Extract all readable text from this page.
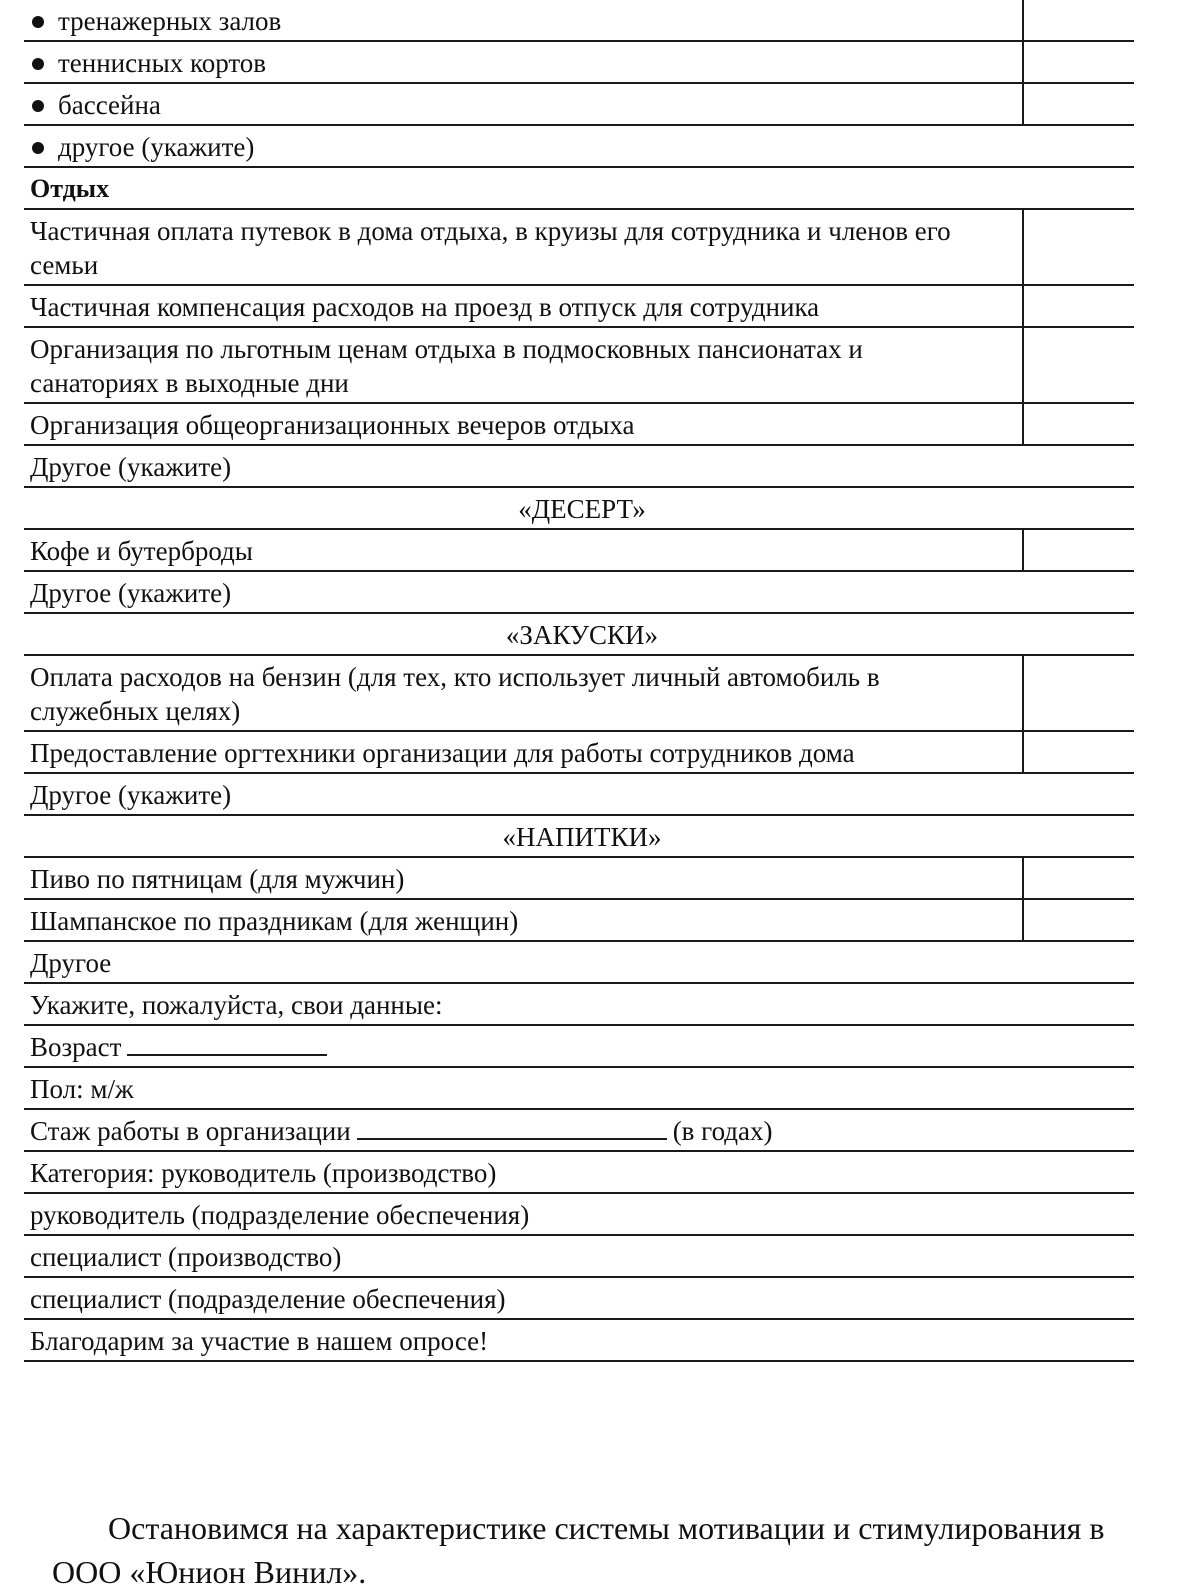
тренажерных залов
теннисных кортов
бассейна
другое (укажите)
Отдых
Частичная оплата путевок в дома отдыха, в круизы для сотрудника и членов его семьи
Частичная компенсация расходов на проезд в отпуск для сотрудника
Организация по льготным ценам отдыха в подмосковных пансионатах и санаториях в выходные дни
Организация общеорганизационных вечеров отдыха
Другое (укажите)
«ДЕСЕРТ»
Кофе и бутерброды
Другое (укажите)
«ЗАКУСКИ»
Оплата расходов на бензин (для тех, кто использует личный автомобиль в служебных целях)
Предоставление оргтехники организации для работы сотрудников дома
Другое (укажите)
«НАПИТКИ»
Пиво по пятницам (для мужчин)
Шампанское по праздникам (для женщин)
Другое
Укажите, пожалуйста, свои данные:
Возраст
Пол: м/ж
Стаж работы в организации	(в годах)
Категория: руководитель (производство)
руководитель (подразделение обеспечения)
специалист (производство)
специалист (подразделение обеспечения)
Благодарим за участие в нашем опросе!

Остановимся на характеристике системы мотивации и стимулирования в ООО «Юнион Винил».
